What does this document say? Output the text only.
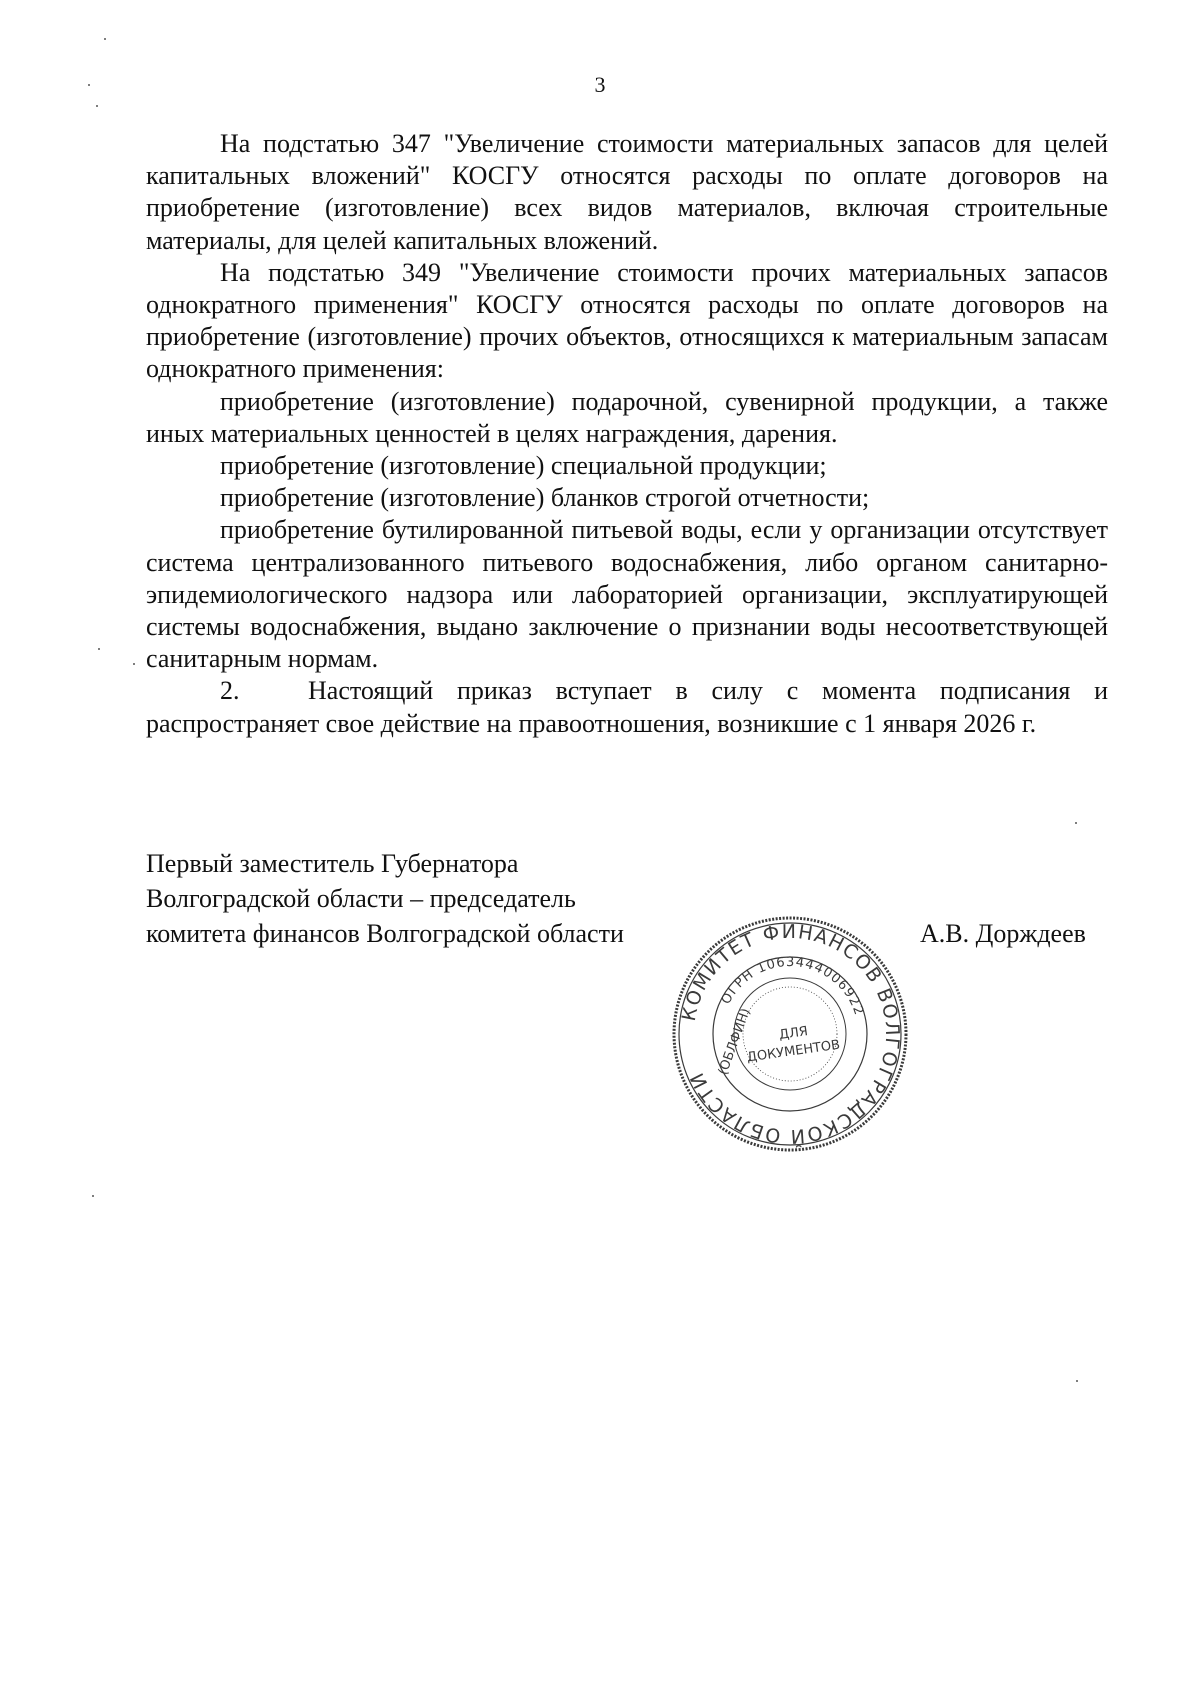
3

На подстатью 347 "Увеличение стоимости материальных запасов для целей капитальных вложений" КОСГУ относятся расходы по оплате договоров на приобретение (изготовление) всех видов материалов, включая строительные материалы, для целей капитальных вложений.

На подстатью 349 "Увеличение стоимости прочих материальных запасов однократного применения" КОСГУ относятся расходы по оплате договоров на приобретение (изготовление) прочих объектов, относящихся к материальным запасам однократного применения:

приобретение (изготовление) подарочной, сувенирной продукции, а также иных материальных ценностей в целях награждения, дарения.

приобретение (изготовление) специальной продукции;

приобретение (изготовление) бланков строгой отчетности;

приобретение бутилированной питьевой воды, если у организации отсутствует система централизованного питьевого водоснабжения, либо органом санитарно-эпидемиологического надзора или лабораторией организации, эксплуатирующей системы водоснабжения, выдано заключение о признании воды несоответствующей санитарным нормам.

2.	Настоящий приказ вступает в силу с момента подписания и

распространяет свое действие на правоотношения, возникшие с 1 января 2026 г.

Первый заместитель Губернатора
Волгоградской области – председатель
комитета финансов Волгоградской области	А.В. Дорждеев
КОМИТЕТ ФИНАНСОВ ВОЛГОГРАДСКОЙ ОБЛАСТИ
ОГРН 1063444006922
(ОБЛФИН) ДЛЯ
ДОКУМЕНТОВ
